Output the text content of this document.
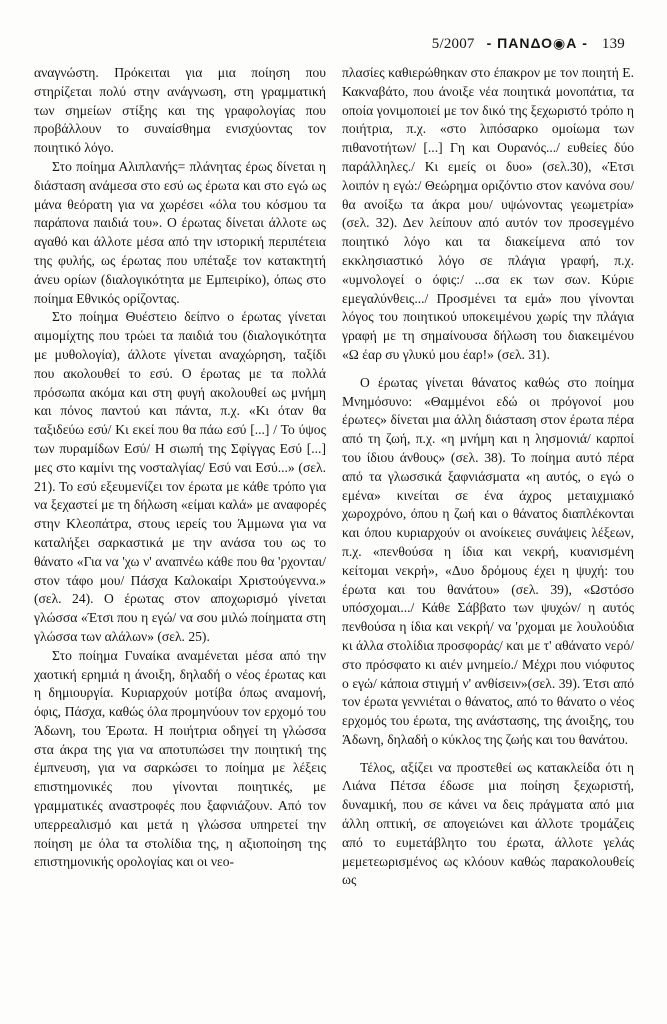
5/2007 - ΠΑΝΔΟ◉Α - 139

αναγνώστη. Πρόκειται για μια ποίηση που στηρίζεται πολύ στην ανάγνωση, στη γραμματική των σημείων στίξης και της γραφολογίας που προβάλλουν το συναίσθημα ενισχύοντας τον ποιητικό λόγο.

Στο ποίημα Αλιπλανής= πλάνητας έρως δίνεται η διάσταση ανάμεσα στο εσύ ως έρωτα και στο εγώ ως μάνα θεόρατη για να χωρέσει «όλα του κόσμου τα παράπονα παιδιά του». Ο έρωτας δίνεται άλλοτε ως αγαθό και άλλοτε μέσα από την ιστορική περιπέτεια της φυλής, ως έρωτας που υπέταξε τον κατακτητή άνευ ορίων (διαλογικότητα με Εμπειρίκο), όπως στο ποίημα Εθνικός ορίζοντας.

Στο ποίημα Θυέστειο δείπνο ο έρωτας γίνεται αιμομίχτης που τρώει τα παιδιά του (διαλογικότητα με μυθολογία), άλλοτε γίνεται αναχώρηση, ταξίδι που ακολουθεί το εσύ. Ο έρωτας με τα πολλά πρόσωπα ακόμα και στη φυγή ακολουθεί ως μνήμη και πόνος παντού και πάντα, π.χ. «Κι όταν θα ταξιδεύω εσύ/ Κι εκεί που θα πάω εσύ [...] / Το ύψος των πυραμίδων Εσύ/ Η σιωπή της Σφίγγας Εσύ [...] μες στο καμίνι της νοσταλγίας/ Εσύ ναι Εσύ...» (σελ. 21). Το εσύ εξευμενίζει τον έρωτα με κάθε τρόπο για να ξεχαστεί με τη δήλωση «είμαι καλά» με αναφορές στην Κλεοπάτρα, στους ιερείς του Άμμωνα για να καταλήξει σαρκαστικά με την ανάσα του ως το θάνατο «Για να 'χω ν' αναπνέω κάθε που θα 'ρχονται/ στον τάφο μου/ Πάσχα Καλοκαίρι Χριστούγεννα.» (σελ. 24). Ο έρωτας στον αποχωρισμό γίνεται γλώσσα «Έτσι που η εγώ/ να σου μιλώ ποίηματα στη γλώσσα των αλάλων» (σελ. 25).

Στο ποίημα Γυναίκα αναμένεται μέσα από την χαοτική ερημιά η άνοιξη, δηλαδή ο νέος έρωτας και η δημιουργία. Κυριαρχούν μοτίβα όπως αναμονή, όφις, Πάσχα, καθώς όλα προμηνύουν τον ερχομό του Άδωνη, του Έρωτα. Η ποιήτρια οδηγεί τη γλώσσα στα άκρα της για να αποτυπώσει την ποιητική της έμπνευση, για να σαρκώσει το ποίημα με λέξεις επιστημονικές που γίνονται ποιητικές, με γραμματικές αναστροφές που ξαφνιάζουν. Από τον υπερρεαλισμό και μετά η γλώσσα υπηρετεί την ποίηση με όλα τα στολίδια της, η αξιοποίηση της επιστημονικής ορολογίας και οι νεο-

πλασίες καθιερώθηκαν στο έπακρον με τον ποιητή Ε. Κακναβάτο, που άνοιξε νέα ποιητικά μονοπάτια, τα οποία γονιμοποιεί με τον δικό της ξεχωριστό τρόπο η ποιήτρια, π.χ. «στο λιπόσαρκο ομοίωμα των πιθανοτήτων/ [...] Γη και Ουρανός.../ ευθείες δύο παράλληλες./ Κι εμείς οι δυο» (σελ.30), «Έτσι λοιπόν η εγώ:/ Θεώρημα οριζόντιο στον κανόνα σου/ θα ανοίξω τα άκρα μου/ υψώνοντας γεωμετρία» (σελ. 32). Δεν λείπουν από αυτόν τον προσεγμένο ποιητικό λόγο και τα διακείμενα από τον εκκλησιαστικό λόγο σε πλάγια γραφή, π.χ. «υμνολογεί ο όφις:/ ...σα εκ των σων. Κύριε εμεγαλύνθεις.../ Προσμένει τα εμά» που γίνονται λόγος του ποιητικού υποκειμένου χωρίς την πλάγια γραφή με τη σημαίνουσα δήλωση του διακειμένου «Ω έαρ συ γλυκύ μου έαρ!» (σελ. 31).

Ο έρωτας γίνεται θάνατος καθώς στο ποίημα Μνημόσυνο: «Θαμμένοι εδώ οι πρόγονοί μου έρωτες» δίνεται μια άλλη διάσταση στον έρωτα πέρα από τη ζωή, π.χ. «η μνήμη και η λησμονιά/ καρποί του ίδιου άνθους» (σελ. 38). Το ποίημα αυτό πέρα από τα γλωσσικά ξαφνιάσματα «η αυτός, ο εγώ ο εμένα» κινείται σε ένα άχρος μεταιχμιακό χωροχρόνο, όπου η ζωή και ο θάνατος διαπλέκονται και όπου κυριαρχούν οι ανοίκειες συνάψεις λέξεων, π.χ. «πενθούσα η ίδια και νεκρή, κυανισμένη κείτομαι νεκρή», «Δυο δρόμους έχει η ψυχή: του έρωτα και του θανάτου» (σελ. 39), «Ωστόσο υπόσχομαι.../ Κάθε Σάββατο των ψυχών/ η αυτός πενθούσα η ίδια και νεκρή/ να 'ρχομαι με λουλούδια κι άλλα στολίδια προσφοράς/ και με τ' αθάνατο νερό/ στο πρόσφατο κι αιέν μνημείο./ Μέχρι που νιόφυτος ο εγώ/ κάποια στιγμή ν' ανθίσειν»(σελ. 39). Έτσι από τον έρωτα γεννιέται ο θάνατος, από το θάνατο ο νέος ερχομός του έρωτα, της ανάστασης, της άνοιξης, του Άδωνη, δηλαδή ο κύκλος της ζωής και του θανάτου.

Τέλος, αξίζει να προστεθεί ως κατακλείδα ότι η Λιάνα Πέτσα έδωσε μια ποίηση ξεχωριστή, δυναμική, που σε κάνει να δεις πράγματα από μια άλλη οπτική, σε απογειώνει και άλλοτε τρομάζεις από το ευμετάβλητο του έρωτα, άλλοτε γελάς μεμετεωρισμένος ως κλόουν καθώς παρακολουθείς ως
